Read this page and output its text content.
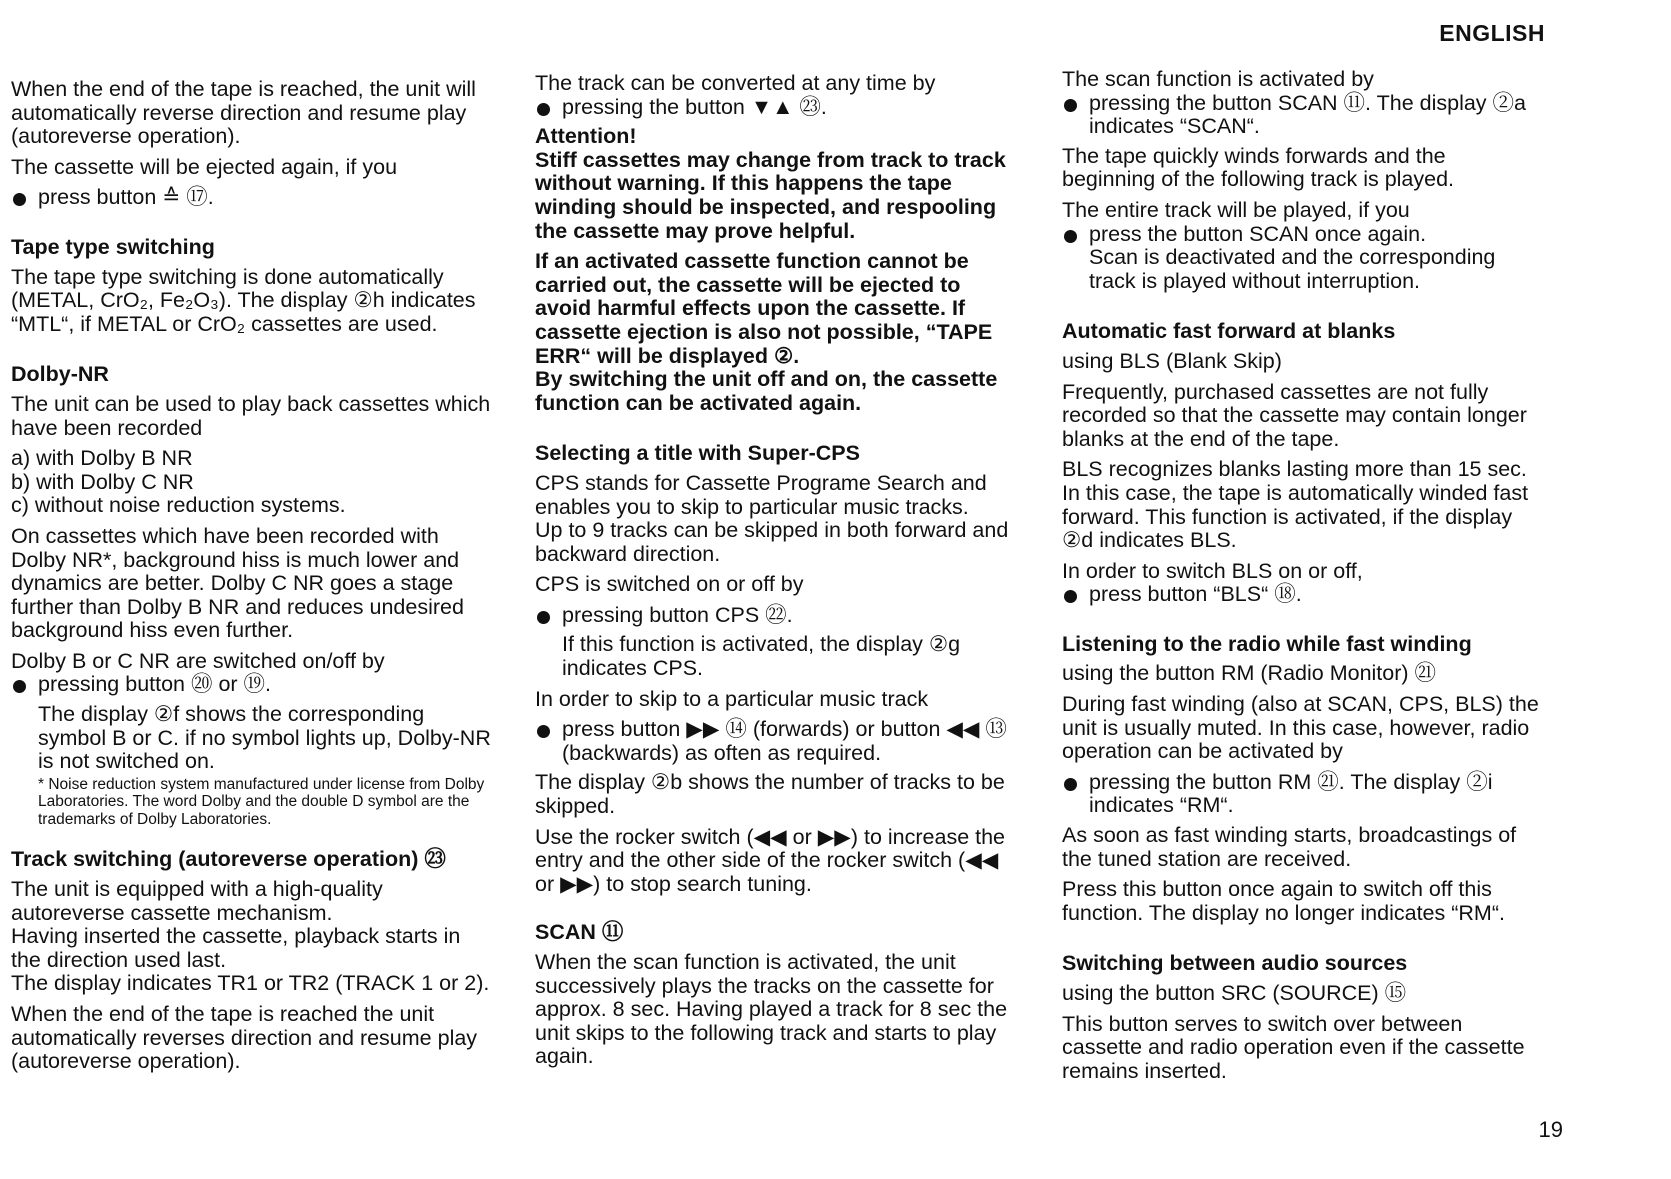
ENGLISH

When the end of the tape is reached, the unit will automatically reverse direction and resume play (autoreverse operation).

The cassette will be ejected again, if you

press button ≙ ⑰.

Tape type switching

The tape type switching is done automatically (METAL, CrO₂, Fe₂O₃). The display ②h indicates “MTL“, if METAL or CrO₂ cassettes are used.

Dolby-NR

The unit can be used to play back cassettes which have been recorded

a) with Dolby B NR

b) with Dolby C NR

c) without noise reduction systems.

On cassettes which have been recorded with Dolby NR*, background hiss is much lower and dynamics are better. Dolby C NR goes a stage further than Dolby B NR and reduces undesired background hiss even further.

Dolby B or C NR are switched on/off by

pressing button ⑳ or ⑲.

The display ②f shows the corresponding symbol B or C. if no symbol lights up, Dolby-NR is not switched on.

* Noise reduction system manufactured under license from Dolby Laboratories. The word Dolby and the double D symbol are the trademarks of Dolby Laboratories.

Track switching (autoreverse operation) ㉓

The unit is equipped with a high-quality autoreverse cassette mechanism.

Having inserted the cassette, playback starts in the direction used last.

The display indicates TR1 or TR2 (TRACK 1 or 2).

When the end of the tape is reached the unit automatically reverses direction and resume play (autoreverse operation).

The track can be converted at any time by

pressing the button ▼▲ ㉓.

Attention!

Stiff cassettes may change from track to track without warning. If this happens the tape winding should be inspected, and respooling the cassette may prove helpful.

If an activated cassette function cannot be carried out, the cassette will be ejected to avoid harmful effects upon the cassette. If cassette ejection is also not possible, “TAPE ERR“ will be displayed ②.

By switching the unit off and on, the cassette function can be activated again.

Selecting a title with Super-CPS

CPS stands for Cassette Programe Search and enables you to skip to particular music tracks.

Up to 9 tracks can be skipped in both forward and backward direction.

CPS is switched on or off by

pressing button CPS ㉒.

If this function is activated, the display ②g indicates CPS.

In order to skip to a particular music track

press button ▶▶ ⑭ (forwards) or button ◀◀ ⑬ (backwards) as often as required.

The display ②b shows the number of tracks to be skipped.

Use the rocker switch (◀◀ or ▶▶) to increase the entry and the other side of the rocker switch (◀◀ or ▶▶) to stop search tuning.

SCAN ⑪

When the scan function is activated, the unit successively plays the tracks on the cassette for approx. 8 sec. Having played a track for 8 sec the unit skips to the following track and starts to play again.

The scan function is activated by

pressing the button SCAN ⑪. The display ②a indicates “SCAN“.

The tape quickly winds forwards and the beginning of the following track is played.

The entire track will be played, if you

press the button SCAN once again.

Scan is deactivated and the corresponding track is played without interruption.

Automatic fast forward at blanks

using BLS (Blank Skip)

Frequently, purchased cassettes are not fully recorded so that the cassette may contain longer blanks at the end of the tape.

BLS recognizes blanks lasting more than 15 sec. In this case, the tape is automatically winded fast forward. This function is activated, if the display ②d indicates BLS.

In order to switch BLS on or off,

press button “BLS“ ⑱.

Listening to the radio while fast winding

using the button RM (Radio Monitor) ㉑

During fast winding (also at SCAN, CPS, BLS) the unit is usually muted. In this case, however, radio operation can be activated by

pressing the button RM ㉑. The display ②i indicates “RM“.

As soon as fast winding starts, broadcastings of the tuned station are received.

Press this button once again to switch off this function. The display no longer indicates “RM“.

Switching between audio sources

using the button SRC (SOURCE) ⑮

This button serves to switch over between cassette and radio operation even if the cassette remains inserted.

19
